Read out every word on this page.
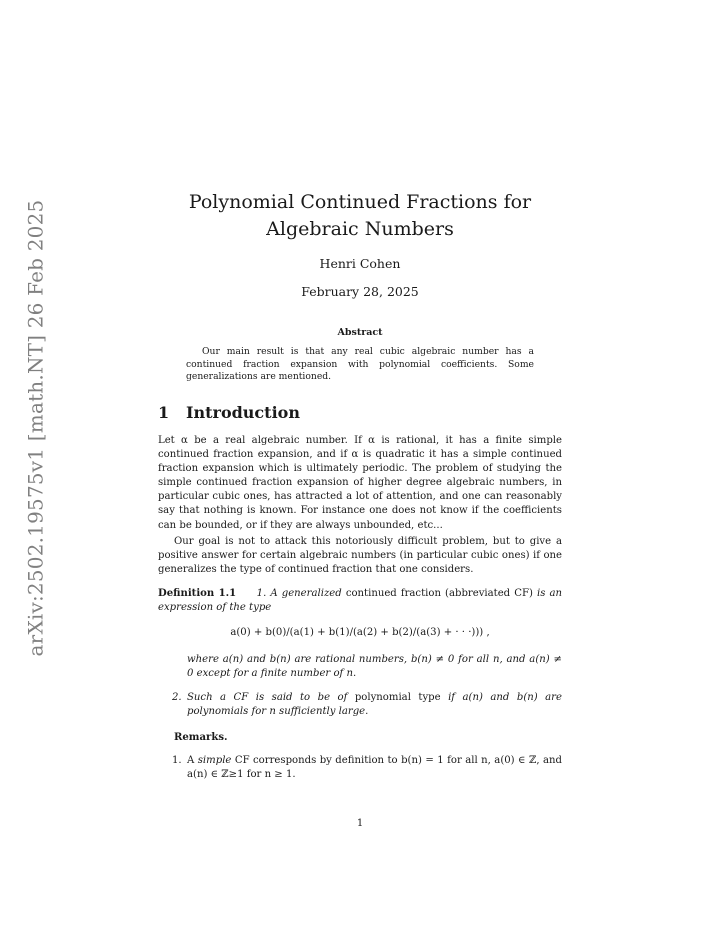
arXiv:2502.19575v1 [math.NT] 26 Feb 2025	Polynomial Continued Fractions for Algebraic Numbers
Henri Cohen
February 28, 2025
Abstract
Our main result is that any real cubic algebraic number has a continued fraction expansion with polynomial coefficients. Some generalizations are mentioned.
1 Introduction
Let α be a real algebraic number. If α is rational, it has a finite simple continued fraction expansion, and if α is quadratic it has a simple continued fraction expansion which is ultimately periodic. The problem of studying the simple continued fraction expansion of higher degree algebraic numbers, in particular cubic ones, has attracted a lot of attention, and one can reasonably say that nothing is known. For instance one does not know if the coefficients can be bounded, or if they are always unbounded, etc...
Our goal is not to attack this notoriously difficult problem, but to give a positive answer for certain algebraic numbers (in particular cubic ones) if one generalizes the type of continued fraction that one considers.
Definition 1.1 1. A generalized continued fraction (abbreviated CF) is an expression of the type
a(0) + b(0)/(a(1) + b(1)/(a(2) + b(2)/(a(3) + · · ·))) ,
where a(n) and b(n) are rational numbers, b(n) ≠ 0 for all n, and a(n) ≠ 0 except for a finite number of n.
2. Such a CF is said to be of polynomial type if a(n) and b(n) are polynomials for n sufficiently large.
Remarks.
1. A simple CF corresponds by definition to b(n) = 1 for all n, a(0) ∈ ℤ, and a(n) ∈ ℤ≥1 for n ≥ 1.
1
